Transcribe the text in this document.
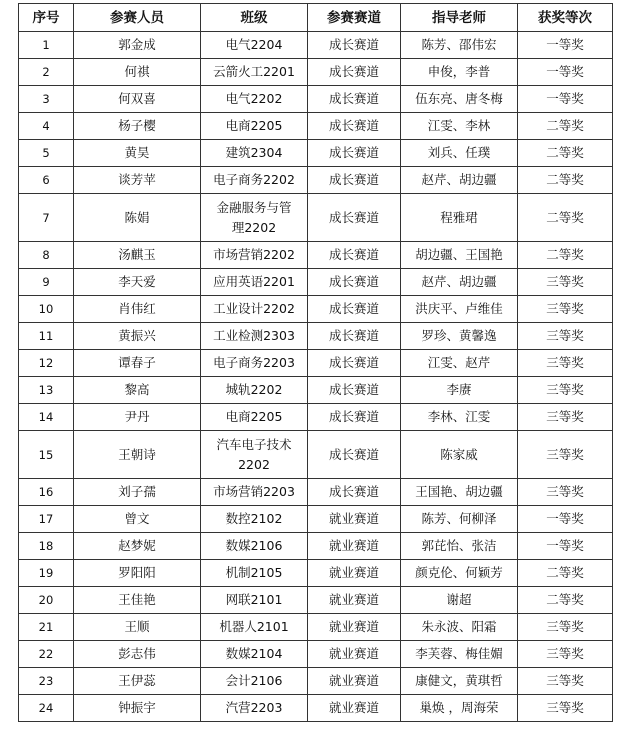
序号	参赛人员	班级	参赛赛道	指导老师	获奖等次
1	郭金成	电气2204	成长赛道	陈芳、邵伟宏	一等奖
2	何祺	云箭火工2201	成长赛道	申俊，李普	一等奖
3	何双喜	电气2202	成长赛道	伍东亮、唐冬梅	一等奖
4	杨子樱	电商2205	成长赛道	江雯、李林	二等奖
5	黄昊	建筑2304	成长赛道	刘兵、任璞	二等奖
6	谈芳苹	电子商务2202	成长赛道	赵芹、胡边疆	二等奖
7	陈娟	金融服务与管
理2202	成长赛道	程雅珺	二等奖
8	汤麒玉	市场营销2202	成长赛道	胡边疆、王国艳	二等奖
9	李天爱	应用英语2201	成长赛道	赵芹、胡边疆	三等奖
10	肖伟红	工业设计2202	成长赛道	洪庆平、卢维佳	三等奖
11	黄振兴	工业检测2303	成长赛道	罗珍、黄馨逸	三等奖
12	谭春子	电子商务2203	成长赛道	江雯、赵芹	三等奖
13	黎高	城轨2202	成长赛道	李赓	三等奖
14	尹丹	电商2205	成长赛道	李林、江雯	三等奖
15	王朝诗	汽车电子技术
2202	成长赛道	陈家威	三等奖
16	刘子孺	市场营销2203	成长赛道	王国艳、胡边疆	三等奖
17	曾文	数控2102	就业赛道	陈芳、何柳泽	一等奖
18	赵梦妮	数媒2106	就业赛道	郭芘怡、张洁	一等奖
19	罗阳阳	机制2105	就业赛道	颜克伦、何颖芳	二等奖
20	王佳艳	网联2101	就业赛道	谢超	二等奖
21	王顺	机器人2101	就业赛道	朱永波、阳霜	三等奖
22	彭志伟	数媒2104	就业赛道	李芙蓉、梅佳媚	三等奖
23	王伊蕊	会计2106	就业赛道	康健文，黄琪哲	三等奖
24	钟振宇	汽营2203	就业赛道	巢焕 ，周海荣	三等奖
